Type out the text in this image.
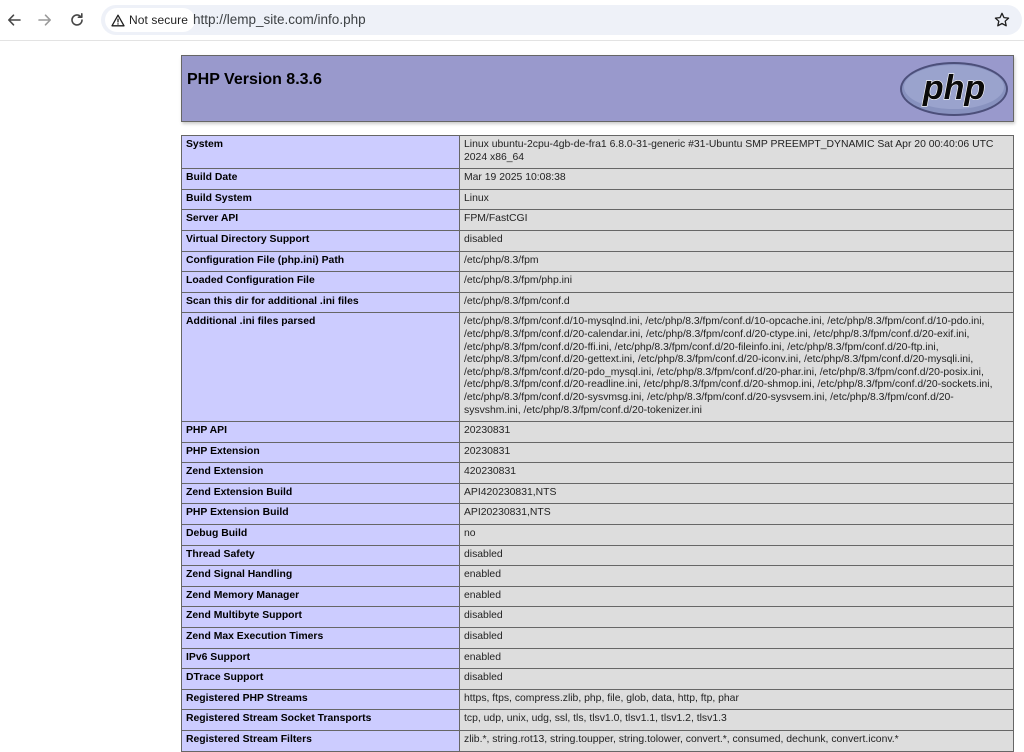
Not secure http://lemp_site.com/info.php
PHP Version 8.3.6	php
System	Linux ubuntu-2cpu-4gb-de-fra1 6.8.0-31-generic #31-Ubuntu SMP PREEMPT_DYNAMIC Sat Apr 20 00:40:06 UTC 2024 x86_64
Build Date	Mar 19 2025 10:08:38
Build System	Linux
Server API	FPM/FastCGI
Virtual Directory Support	disabled
Configuration File (php.ini) Path	/etc/php/8.3/fpm
Loaded Configuration File	/etc/php/8.3/fpm/php.ini
Scan this dir for additional .ini files	/etc/php/8.3/fpm/conf.d
Additional .ini files parsed	/etc/php/8.3/fpm/conf.d/10-mysqlnd.ini, /etc/php/8.3/fpm/conf.d/10-opcache.ini, /etc/php/8.3/fpm/conf.d/10-pdo.ini, /etc/php/8.3/fpm/conf.d/20-calendar.ini, /etc/php/8.3/fpm/conf.d/20-ctype.ini, /etc/php/8.3/fpm/conf.d/20-exif.ini, /etc/php/8.3/fpm/conf.d/20-ffi.ini, /etc/php/8.3/fpm/conf.d/20-fileinfo.ini, /etc/php/8.3/fpm/conf.d/20-ftp.ini, /etc/php/8.3/fpm/conf.d/20-gettext.ini, /etc/php/8.3/fpm/conf.d/20-iconv.ini, /etc/php/8.3/fpm/conf.d/20-mysqli.ini, /etc/php/8.3/fpm/conf.d/20-pdo_mysql.ini, /etc/php/8.3/fpm/conf.d/20-phar.ini, /etc/php/8.3/fpm/conf.d/20-posix.ini, /etc/php/8.3/fpm/conf.d/20-readline.ini, /etc/php/8.3/fpm/conf.d/20-shmop.ini, /etc/php/8.3/fpm/conf.d/20-sockets.ini, /etc/php/8.3/fpm/conf.d/20-sysvmsg.ini, /etc/php/8.3/fpm/conf.d/20-sysvsem.ini, /etc/php/8.3/fpm/conf.d/20-sysvshm.ini, /etc/php/8.3/fpm/conf.d/20-tokenizer.ini
PHP API	20230831
PHP Extension	20230831
Zend Extension	420230831
Zend Extension Build	API420230831,NTS
PHP Extension Build	API20230831,NTS
Debug Build	no
Thread Safety	disabled
Zend Signal Handling	enabled
Zend Memory Manager	enabled
Zend Multibyte Support	disabled
Zend Max Execution Timers	disabled
IPv6 Support	enabled
DTrace Support	disabled
Registered PHP Streams	https, ftps, compress.zlib, php, file, glob, data, http, ftp, phar
Registered Stream Socket Transports	tcp, udp, unix, udg, ssl, tls, tlsv1.0, tlsv1.1, tlsv1.2, tlsv1.3
Registered Stream Filters	zlib.*, string.rot13, string.toupper, string.tolower, convert.*, consumed, dechunk, convert.iconv.*
